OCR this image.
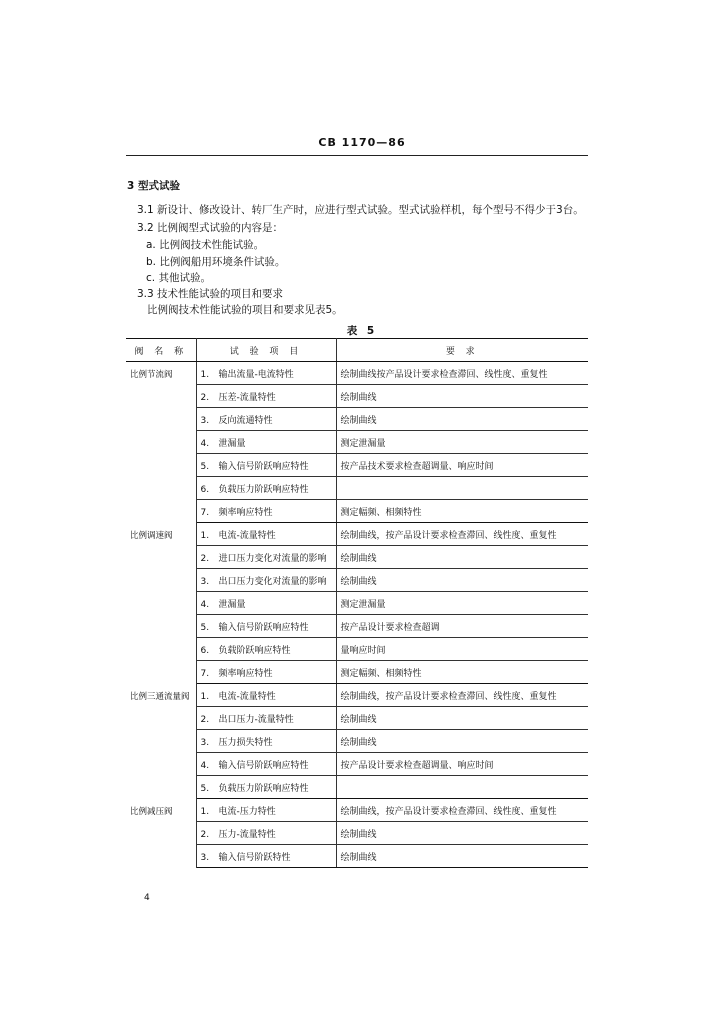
CB 1170—86
3 型式试验
3.1 新设计、修改设计、转厂生产时，应进行型式试验。型式试验样机，每个型号不得少于3台。
3.2 比例阀型式试验的内容是：
a. 比例阀技术性能试验。
b. 比例阀船用环境条件试验。
c. 其他试验。
3.3 技术性能试验的项目和要求
比例阀技术性能试验的项目和要求见表5。
表 5
阀 名 称	试 验 项 目	要 求
比例节流阀	1. 输出流量-电流特性	绘制曲线按产品设计要求检查滞回、线性度、重复性
	2. 压差-流量特性	绘制曲线
	3. 反向流通特性	绘制曲线
	4. 泄漏量	测定泄漏量
	5. 输入信号阶跃响应特性	按产品技术要求检查超调量、响应时间
	6. 负载压力阶跃响应特性	
	7. 频率响应特性	测定幅频、相频特性
比例调速阀	1. 电流-流量特性	绘制曲线，按产品设计要求检查滞回、线性度、重复性
	2. 进口压力变化对流量的影响	绘制曲线
	3. 出口压力变化对流量的影响	绘制曲线
	4. 泄漏量	测定泄漏量
	5. 输入信号阶跃响应特性	按产品设计要求检查超调
	6. 负载阶跃响应特性	量响应时间
	7. 频率响应特性	测定幅频、相频特性
比例三通流量阀	1. 电流-流量特性	绘制曲线，按产品设计要求检查滞回、线性度、重复性
	2. 出口压力-流量特性	绘制曲线
	3. 压力损失特性	绘制曲线
	4. 输入信号阶跃响应特性	按产品设计要求检查超调量、响应时间
	5. 负载压力阶跃响应特性	
比例减压阀	1. 电流-压力特性	绘制曲线，按产品设计要求检查滞回、线性度、重复性
	2. 压力-流量特性	绘制曲线
	3. 输入信号阶跃特性	绘制曲线
4
